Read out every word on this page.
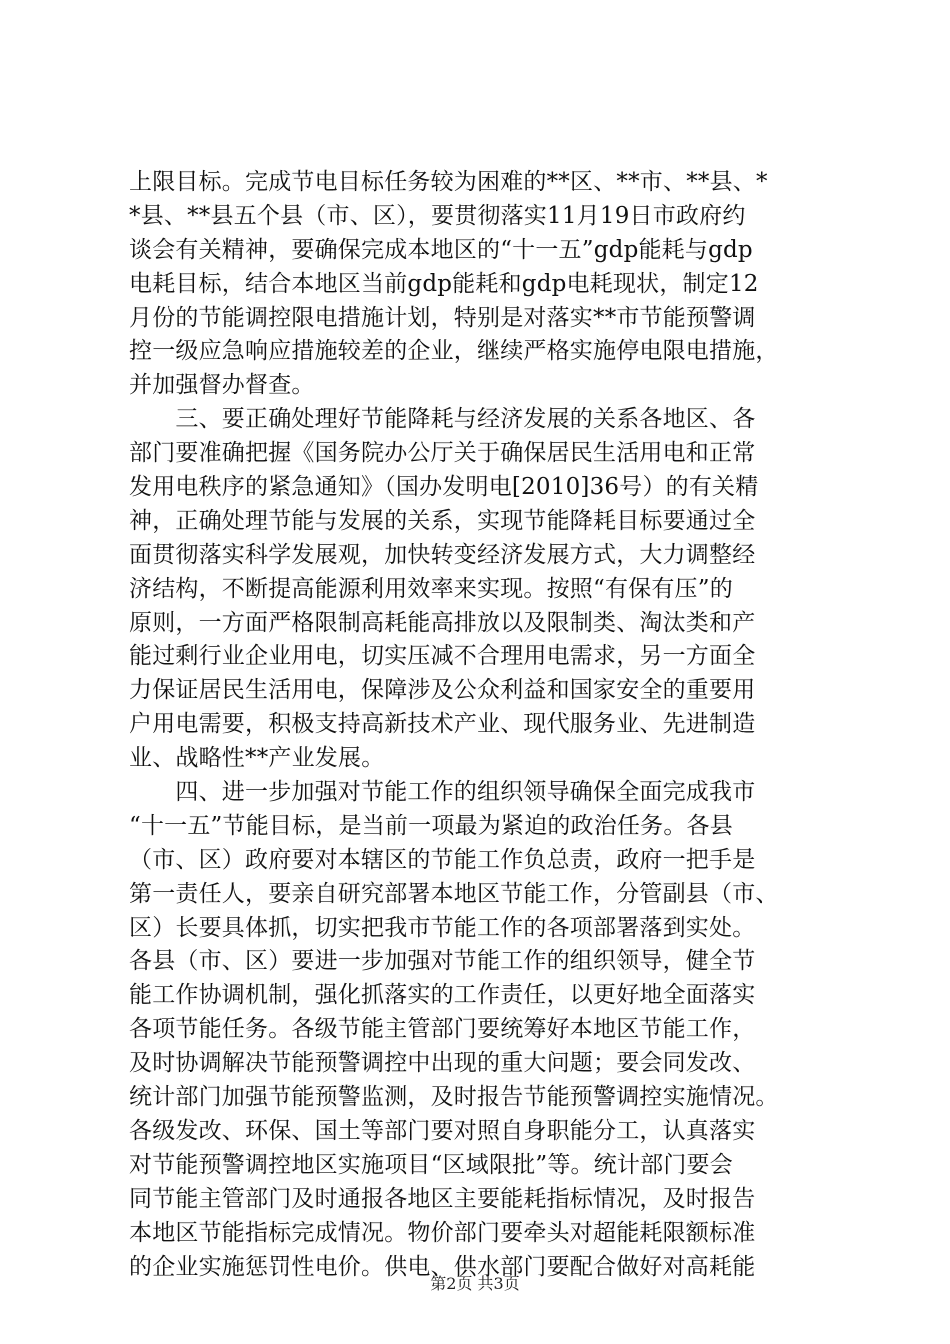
上限目标。完成节电目标任务较为困难的**区、**市、**县、*
*县、**县五个县（市、区），要贯彻落实11月19日市政府约
谈会有关精神，要确保完成本地区的“十一五”gdp能耗与gdp
电耗目标，结合本地区当前gdp能耗和gdp电耗现状，制定12
月份的节能调控限电措施计划，特别是对落实**市节能预警调
控一级应急响应措施较差的企业，继续严格实施停电限电措施，
并加强督办督查。
　　三、要正确处理好节能降耗与经济发展的关系各地区、各
部门要准确把握《国务院办公厅关于确保居民生活用电和正常
发用电秩序的紧急通知》（国办发明电[2010]36号）的有关精
神，正确处理节能与发展的关系，实现节能降耗目标要通过全
面贯彻落实科学发展观，加快转变经济发展方式，大力调整经
济结构，不断提高能源利用效率来实现。按照“有保有压”的
原则，一方面严格限制高耗能高排放以及限制类、淘汰类和产
能过剩行业企业用电，切实压减不合理用电需求，另一方面全
力保证居民生活用电，保障涉及公众利益和国家安全的重要用
户用电需要，积极支持高新技术产业、现代服务业、先进制造
业、战略性**产业发展。
　　四、进一步加强对节能工作的组织领导确保全面完成我市
“十一五”节能目标，是当前一项最为紧迫的政治任务。各县
（市、区）政府要对本辖区的节能工作负总责，政府一把手是
第一责任人，要亲自研究部署本地区节能工作，分管副县（市、
区）长要具体抓，切实把我市节能工作的各项部署落到实处。
各县（市、区）要进一步加强对节能工作的组织领导，健全节
能工作协调机制，强化抓落实的工作责任，以更好地全面落实
各项节能任务。各级节能主管部门要统筹好本地区节能工作，
及时协调解决节能预警调控中出现的重大问题；要会同发改、
统计部门加强节能预警监测，及时报告节能预警调控实施情况。
各级发改、环保、国土等部门要对照自身职能分工，认真落实
对节能预警调控地区实施项目“区域限批”等。统计部门要会
同节能主管部门及时通报各地区主要能耗指标情况，及时报告
本地区节能指标完成情况。物价部门要牵头对超能耗限额标准
的企业实施惩罚性电价。供电、供水部门要配合做好对高耗能
第2页 共3页
